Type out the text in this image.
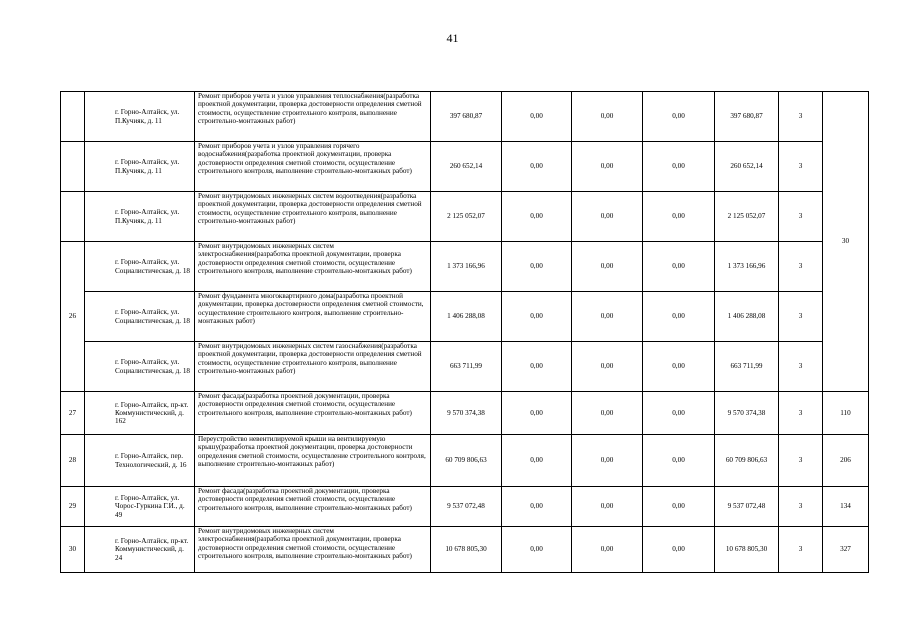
41
	г. Горно-Алтайск, ул. П.Кучияк, д. 11	Ремонт приборов учета и узлов управления теплоснабжения(разработка проектной документации, проверка достоверности определения сметной стоимости, осуществление строительного контроля, выполнение строительно-монтажных работ)	397 680,87	0,00	0,00	0,00	397 680,87	3	30
	г. Горно-Алтайск, ул. П.Кучияк, д. 11	Ремонт приборов учета и узлов управления горячего водоснабжения(разработка проектной документации, проверка достоверности определения сметной стоимости, осуществление строительного контроля, выполнение строительно-монтажных работ)	260 652,14	0,00	0,00	0,00	260 652,14	3	
	г. Горно-Алтайск, ул. П.Кучияк, д. 11	Ремонт внутридомовых инженерных систем водоотведения(разработка проектной документации, проверка достоверности определения сметной стоимости, осуществление строительного контроля, выполнение строительно-монтажных работ)	2 125 052,07	0,00	0,00	0,00	2 125 052,07	3	
26	г. Горно-Алтайск, ул. Социалистическая, д. 18	Ремонт внутридомовых инженерных систем электроснабжения(разработка проектной документации, проверка достоверности определения сметной стоимости, осуществление строительного контроля, выполнение строительно-монтажных работ)	1 373 166,96	0,00	0,00	0,00	1 373 166,96	3	
	г. Горно-Алтайск, ул. Социалистическая, д. 18	Ремонт фундамента многоквартирного дома(разработка проектной документации, проверка достоверности определения сметной стоимости, осуществление строительного контроля, выполнение строительно-монтажных работ)	1 406 288,08	0,00	0,00	0,00	1 406 288,08	3	
	г. Горно-Алтайск, ул. Социалистическая, д. 18	Ремонт внутридомовых инженерных систем газоснабжения(разработка проектной документации, проверка достоверности определения сметной стоимости, осуществление строительного контроля, выполнение строительно-монтажных работ)	663 711,99	0,00	0,00	0,00	663 711,99	3	
27	г. Горно-Алтайск, пр-кт. Коммунистический, д. 162	Ремонт фасада(разработка проектной документации, проверка достоверности определения сметной стоимости, осуществление строительного контроля, выполнение строительно-монтажных работ)	9 570 374,38	0,00	0,00	0,00	9 570 374,38	3	110
28	г. Горно-Алтайск, пер. Технологический, д. 16	Переустройство невентилируемой крыши на вентилируемую крышу(разработка проектной документации, проверка достоверности определения сметной стоимости, осуществление строительного контроля, выполнение строительно-монтажных работ)	60 709 806,63	0,00	0,00	0,00	60 709 806,63	3	206
29	г. Горно-Алтайск, ул. Чорос-Гуркина Г.И., д. 49	Ремонт фасада(разработка проектной документации, проверка достоверности определения сметной стоимости, осуществление строительного контроля, выполнение строительно-монтажных работ)	9 537 072,48	0,00	0,00	0,00	9 537 072,48	3	134
30	г. Горно-Алтайск, пр-кт. Коммунистический, д. 24	Ремонт внутридомовых инженерных систем электроснабжения(разработка проектной документации, проверка достоверности определения сметной стоимости, осуществление строительного контроля, выполнение строительно-монтажных работ)	10 678 805,30	0,00	0,00	0,00	10 678 805,30	3	327
